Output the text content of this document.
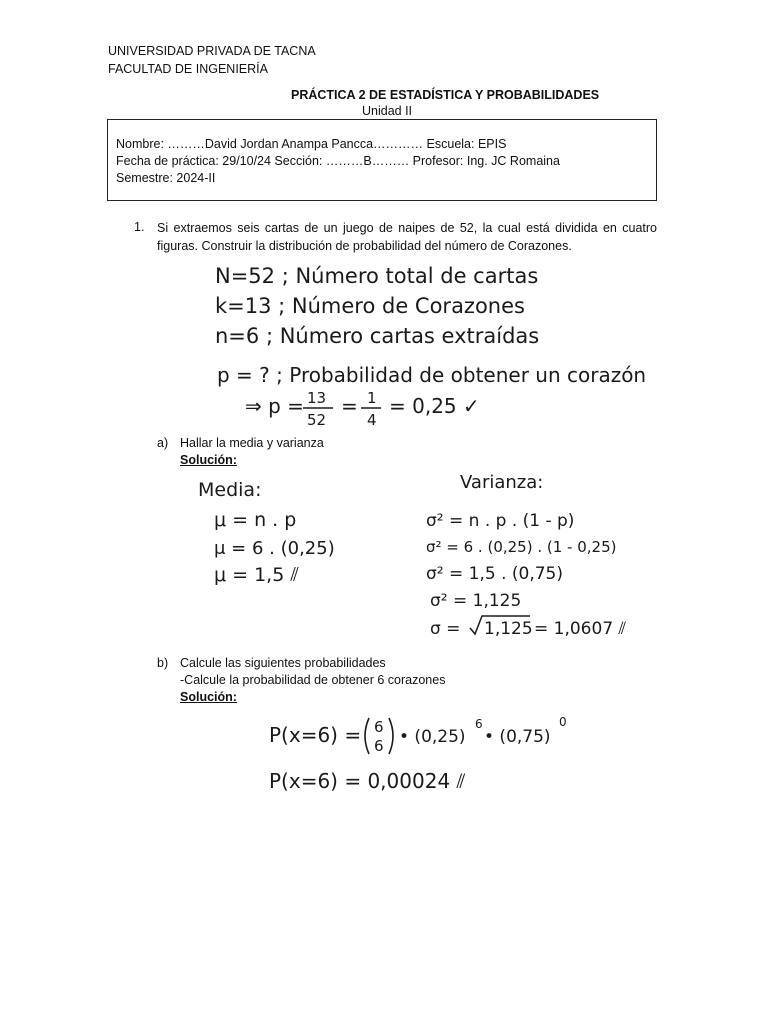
UNIVERSIDAD PRIVADA DE TACNA
FACULTAD DE INGENIERÍA
PRÁCTICA 2 DE ESTADÍSTICA Y PROBABILIDADES
Unidad II
Nombre: ………David Jordan Anampa Pancca………… Escuela: EPIS
Fecha de práctica: 29/10/24 Sección: ………B……… Profesor: Ing. JC Romaina
Semestre: 2024-II
1. Si extraemos seis cartas de un juego de naipes de 52, la cual está dividida en cuatro figuras. Construir la distribución de probabilidad del número de Corazones.
N=52 ; Número total de cartas
k=13 ; Número de Corazones
n=6 ; Número cartas extraídas
p = ? ; Probabilidad de obtener un corazón
⇒ p = 13
52
= 1
4
= 0,25 ✓
a) Hallar la media y varianza
Solución:
Media:
μ = n . p
μ = 6 . (0,25)
μ = 1,5 ⫽
Varianza:
σ² = n . p . (1 - p)
σ² = 6 . (0,25) . (1 - 0,25)
σ² = 1,5 . (0,75)
σ² = 1,125
σ = 1,125 = 1,0607 ⫽
b) Calcule las siguientes probabilidades
-Calcule la probabilidad de obtener 6 corazones
Solución:
P(x=6) = 6
6 • (0,25)
6
• (0,75)
0
P(x=6) = 0,00024 ⫽
